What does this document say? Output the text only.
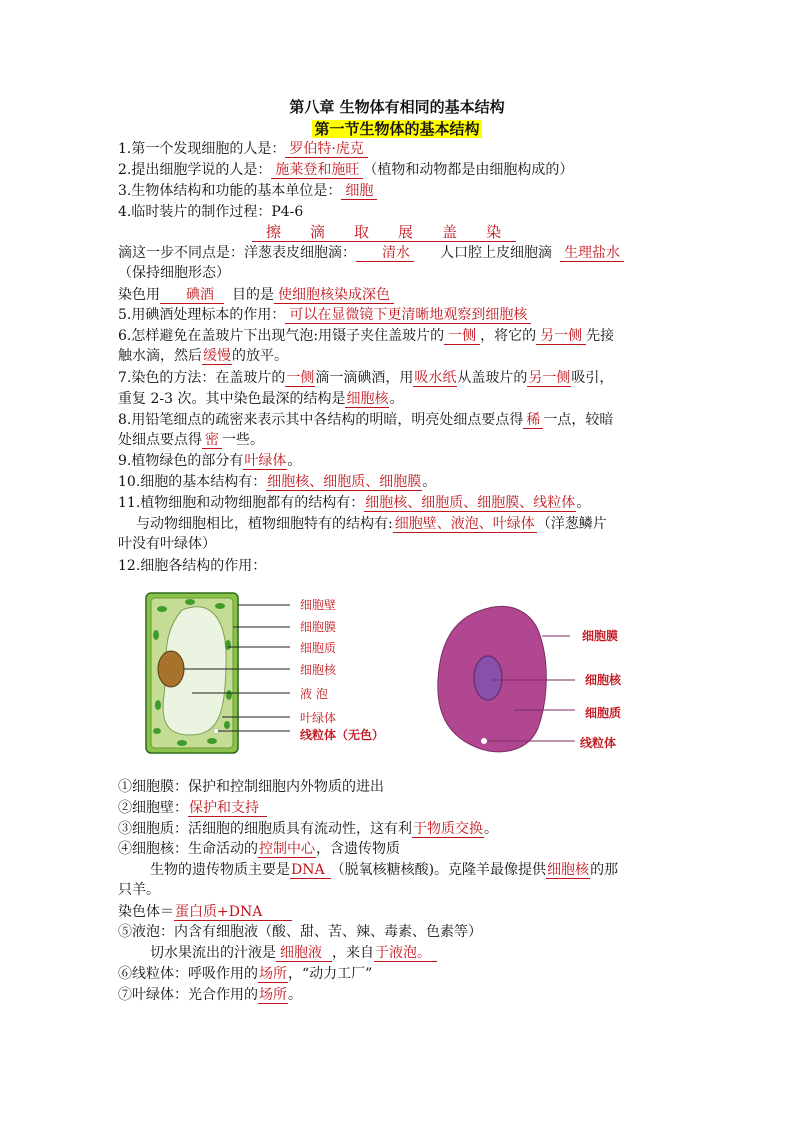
第八章 生物体有相同的基本结构
第一节生物体的基本结构
1.第一个发现细胞的人是： 罗伯特·虎克
2.提出细胞学说的人是： 施莱登和施旺 （植物和动物都是由细胞构成的）
3.生物体结构和功能的基本单位是： 细胞
4.临时装片的制作过程：P4-6
擦 滴 取 展 盖 染
滴这一步不同点是：洋葱表皮细胞滴： 清水 人口腔上皮细胞滴 生理盐水
（保持细胞形态）
染色用 碘酒 目的是 使细胞核染成深色
5.用碘酒处理标本的作用： 可以在显微镜下更清晰地观察到细胞核
6.怎样避免在盖玻片下出现气泡:用镊子夹住盖玻片的 一侧 ，将它的 另一侧 先接
触水滴，然后缓慢的放平。
7.染色的方法：在盖玻片的一侧滴一滴碘酒，用吸水纸从盖玻片的另一侧吸引，
重复 2-3 次。其中染色最深的结构是细胞核。
8.用铅笔细点的疏密来表示其中各结构的明暗，明亮处细点要点得 稀 一点，较暗
处细点要点得 密 一些。
9.植物绿色的部分有叶绿体。
10.细胞的基本结构有：细胞核、细胞质、细胞膜。
11.植物细胞和动物细胞都有的结构有：细胞核、细胞质、细胞膜、线粒体。
与动物细胞相比，植物细胞特有的结构有: 细胞壁、液泡、叶绿体 （洋葱鳞片
叶没有叶绿体）
12.细胞各结构的作用：
细胞壁
细胞膜
细胞质
细胞核
液 泡
叶绿体
线粒体（无色）
细胞膜
细胞核
细胞质
线粒体
①细胞膜：保护和控制细胞内外物质的进出
②细胞壁：保护和支持
③细胞质：活细胞的细胞质具有流动性，这有利于物质交换。
④细胞核：生命活动的控制中心，含遗传物质
生物的遗传物质主要是DNA （脱氧核糖核酸)。克隆羊最像提供细胞核的那
只羊。
染色体＝蛋白质+DNA
⑤液泡：内含有细胞液（酸、甜、苦、辣、毒素、色素等）
切水果流出的汁液是 细胞液 ，来自于液泡。
⑥线粒体：呼吸作用的场所，“动力工厂”
⑦叶绿体：光合作用的场所。
